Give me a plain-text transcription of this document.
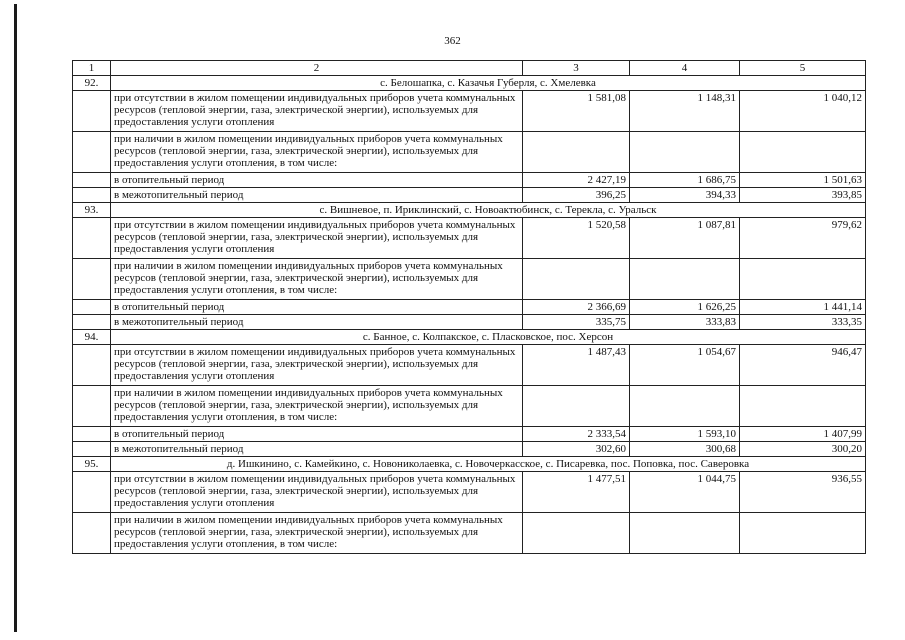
362
1	2	3	4	5
92.	с. Белошапка, с. Казачья Губерля, с. Хмелевка			
	при отсутствии в жилом помещении индивидуальных приборов учета коммунальных ресурсов (тепловой энергии, газа, электрической энергии), используемых для предоставления услуги отопления	1 581,08	1 148,31	1 040,12
	при наличии в жилом помещении индивидуальных приборов учета коммунальных ресурсов (тепловой энергии, газа, электрической энергии), используемых для предоставления услуги отопления, в том числе:			
	в отопительный период	2 427,19	1 686,75	1 501,63
	в межотопительный период	396,25	394,33	393,85
93.	с. Вишневое, п. Ириклинский, с. Новоактюбинск, с. Терекла, с. Уральск			
	при отсутствии в жилом помещении индивидуальных приборов учета коммунальных ресурсов (тепловой энергии, газа, электрической энергии), используемых для предоставления услуги отопления	1 520,58	1 087,81	979,62
	при наличии в жилом помещении индивидуальных приборов учета коммунальных ресурсов (тепловой энергии, газа, электрической энергии), используемых для предоставления услуги отопления, в том числе:			
	в отопительный период	2 366,69	1 626,25	1 441,14
	в межотопительный период	335,75	333,83	333,35
94.	с. Банное, с. Колпакское, с. Пласковское, пос. Херсон			
	при отсутствии в жилом помещении индивидуальных приборов учета коммунальных ресурсов (тепловой энергии, газа, электрической энергии), используемых для предоставления услуги отопления	1 487,43	1 054,67	946,47
	при наличии в жилом помещении индивидуальных приборов учета коммунальных ресурсов (тепловой энергии, газа, электрической энергии), используемых для предоставления услуги отопления, в том числе:			
	в отопительный период	2 333,54	1 593,10	1 407,99
	в межотопительный период	302,60	300,68	300,20
95.	д. Ишкинино, с. Камейкино, с. Новониколаевка, с. Новочеркасское, с. Писаревка, пос. Поповка, пос. Саверовка			
	при отсутствии в жилом помещении индивидуальных приборов учета коммунальных ресурсов (тепловой энергии, газа, электрической энергии), используемых для предоставления услуги отопления	1 477,51	1 044,75	936,55
	при наличии в жилом помещении индивидуальных приборов учета коммунальных ресурсов (тепловой энергии, газа, электрической энергии), используемых для предоставления услуги отопления, в том числе:			
